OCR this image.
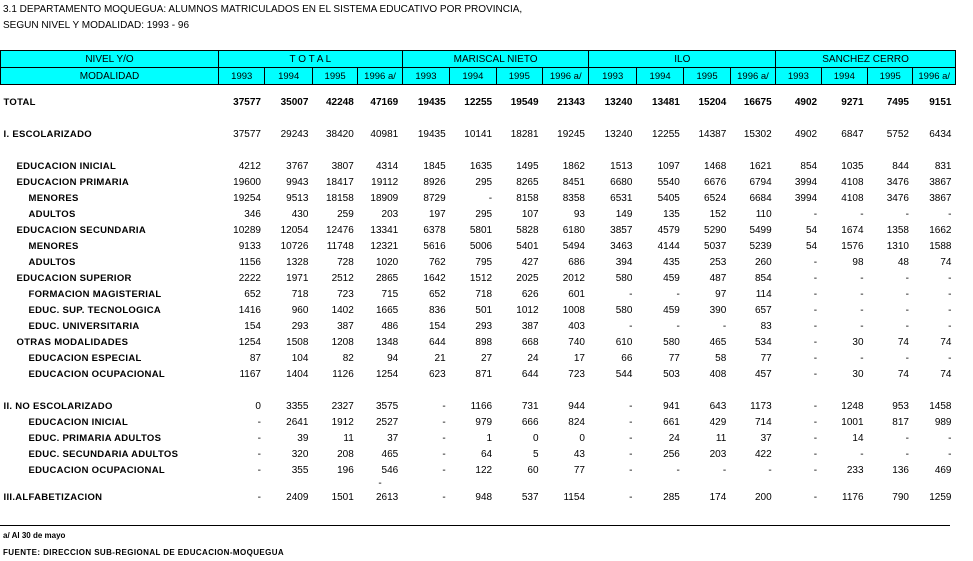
3.1 DEPARTAMENTO MOQUEGUA: ALUMNOS MATRICULADOS EN EL SISTEMA EDUCATIVO POR PROVINCIA,
SEGUN NIVEL Y MODALIDAD: 1993 - 96
NIVEL Y/O	T O T A L				MARISCAL NIETO				ILO				SANCHEZ CERRO			
MODALIDAD	1993	1994	1995	1996 a/	1993	1994	1995	1996 a/	1993	1994	1995	1996 a/	1993	1994	1995	1996 a/

TOTAL	37577	35007	42248	47169	19435	12255	19549	21343	13240	13481	15204	16675	4902	9271	7495	9151

I. ESCOLARIZADO	37577	29243	38420	40981	19435	10141	18281	19245	13240	12255	14387	15302	4902	6847	5752	6434

EDUCACION INICIAL	4212	3767	3807	4314	1845	1635	1495	1862	1513	1097	1468	1621	854	1035	844	831
EDUCACION PRIMARIA	19600	9943	18417	19112	8926	295	8265	8451	6680	5540	6676	6794	3994	4108	3476	3867
MENORES	19254	9513	18158	18909	8729	-	8158	8358	6531	5405	6524	6684	3994	4108	3476	3867
ADULTOS	346	430	259	203	197	295	107	93	149	135	152	110	-	-	-	-
EDUCACION SECUNDARIA	10289	12054	12476	13341	6378	5801	5828	6180	3857	4579	5290	5499	54	1674	1358	1662
MENORES	9133	10726	11748	12321	5616	5006	5401	5494	3463	4144	5037	5239	54	1576	1310	1588
ADULTOS	1156	1328	728	1020	762	795	427	686	394	435	253	260	-	98	48	74
EDUCACION SUPERIOR	2222	1971	2512	2865	1642	1512	2025	2012	580	459	487	854	-	-	-	-
FORMACION MAGISTERIAL	652	718	723	715	652	718	626	601	-	-	97	114	-	-	-	-
EDUC. SUP. TECNOLOGICA	1416	960	1402	1665	836	501	1012	1008	580	459	390	657	-	-	-	-
EDUC. UNIVERSITARIA	154	293	387	486	154	293	387	403	-	-	-	83	-	-	-	-
OTRAS MODALIDADES	1254	1508	1208	1348	644	898	668	740	610	580	465	534	-	30	74	74
EDUCACION ESPECIAL	87	104	82	94	21	27	24	17	66	77	58	77	-	-	-	-
EDUCACION OCUPACIONAL	1167	1404	1126	1254	623	871	644	723	544	503	408	457	-	30	74	74

II. NO ESCOLARIZADO	0	3355	2327	3575	-	1166	731	944	-	941	643	1173	-	1248	953	1458
EDUCACION INICIAL	-	2641	1912	2527	-	979	666	824	-	661	429	714	-	1001	817	989
EDUC. PRIMARIA ADULTOS	-	39	11	37	-	1	0	0	-	24	11	37	-	14	-	-
EDUC. SECUNDARIA ADULTOS	-	320	208	465	-	64	5	43	-	256	203	422	-	-	-	-
EDUCACION OCUPACIONAL	-	355	196	546	-	122	60	77	-	-	-	-	-	233	136	469
				-												
III.ALFABETIZACION	-	2409	1501	2613	-	948	537	1154	-	285	174	200	-	1176	790	1259
a/ Al 30 de mayo
FUENTE: DIRECCION SUB-REGIONAL DE EDUCACION-MOQUEGUA
